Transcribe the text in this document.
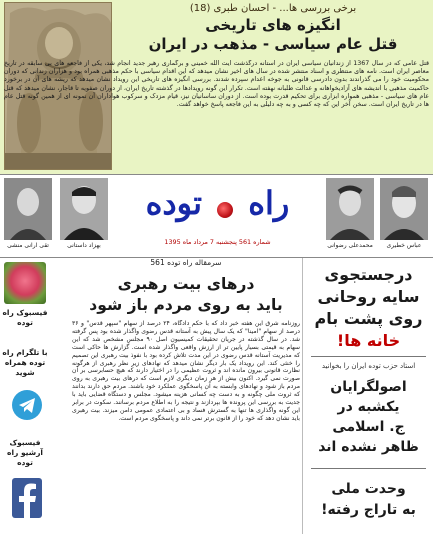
برخی بررسی ها... - احسان طبری (18)
انگیزه های تاریخی
قتل عام سیاسی - مذهب در ایران
قتل عامی که در سال 1367 از زندانیان سیاسی ایران در آستانه درگذشت آیت الله خمینی و برگماری رهبر جدید انجام شد، یکی از فاجعه های بی سابقه در تاریخ معاصر ایران است. نامه های منتظری و اسناد منتشر شده در سال های اخیر نشان میدهد که این اقدام سیاسی با حکم مذهبی همراه بود و هزاران زندانی که دوران محکومیت خود را می گذراندند بدون دادرسی قانونی به جوخه اعدام سپرده شدند. بررسی انگیزه های تاریخی این رویداد نشان میدهد که ریشه های آن در برخورد حاکمیت مذهبی با اندیشه های آزادیخواهانه و عدالت طلبانه نهفته است. تکرار این گونه رویدادها در گذشته تاریخ ایران، از دوران صفویه تا قاجار، نشان میدهد که قتل عام های سیاسی - مذهبی همواره ابزاری برای تحکیم قدرت بوده است. از دوران ساسانیان نیز، قیام مزدک و سرکوب هواداران آن نمونه ای از همین گونه قتل عام ها در تاریخ ایران است. سخن آخر این که چه کسی و به چه دلیلی به این فاجعه پاسخ خواهد گفت.
تقی ارانی منشی	بهزاد داستانی
راه  توده
شماره 561 پنجشنبه 7 مرداد ماه 1395	محمدعلی رضوانی	عباس خطیری
فیسبوک راه توده
با تلگرام راه توده همراه شوید
فیسبوک آرشیو راه توده
سرمقاله راه توده 561
درهای بیت رهبری
باید به روی مردم باز شود
روزنامه شرق این هفته خبر داد که با حکم دادگاه، ۲۴ درصد از سهام "سپهر قدس" و ۳۶ درصد از سهام "امینا" که یک سال پیش به آستانه قدس رضوی واگذار شده بود پس گرفته شد. در سال گذشته در جریان تحقیقات کمیسیون اصل ۹۰ مجلس مشخص شد که این سهام به قیمتی بسیار پایین تر از ارزش واقعی واگذار شده است. گزارش ها حاکی است که مدیریت آستانه قدس رضوی در این مدت تلاش کرده بود با نفوذ بیت رهبری این تصمیم را خنثی کند. این رویداد یک بار دیگر نشان میدهد که نهادهای زیر نظر رهبری از هرگونه نظارت قانونی بیرون مانده اند و ثروت عظیمی را در اختیار دارند که هیچ حسابرسی بر آن صورت نمی گیرد. اکنون بیش از هر زمان دیگری لازم است که درهای بیت رهبری به روی مردم باز شود و نهادهای وابسته به آن پاسخگوی عملکرد خود باشند. مردم حق دارند بدانند که ثروت ملی چگونه و به دست چه کسانی هزینه میشود. مجلس و دستگاه قضایی باید با جدیت به بررسی این پرونده ها بپردازند و نتیجه را به اطلاع مردم برسانند. سکوت در برابر این گونه واگذاری ها تنها به گسترش فساد و بی اعتمادی عمومی دامن میزند. بیت رهبری باید نشان دهد که خود را از قانون برتر نمی داند و پاسخگوی مردم است.
درجستجوی
سایه روحانی
روی پشت بام
خانه ها!
استاد حزب توده ایران را بخوانید
اصولگرایان
یکشبه در
ج. اسلامی
ظاهر نشده اند
وحدت ملی
به تاراج رفته!
